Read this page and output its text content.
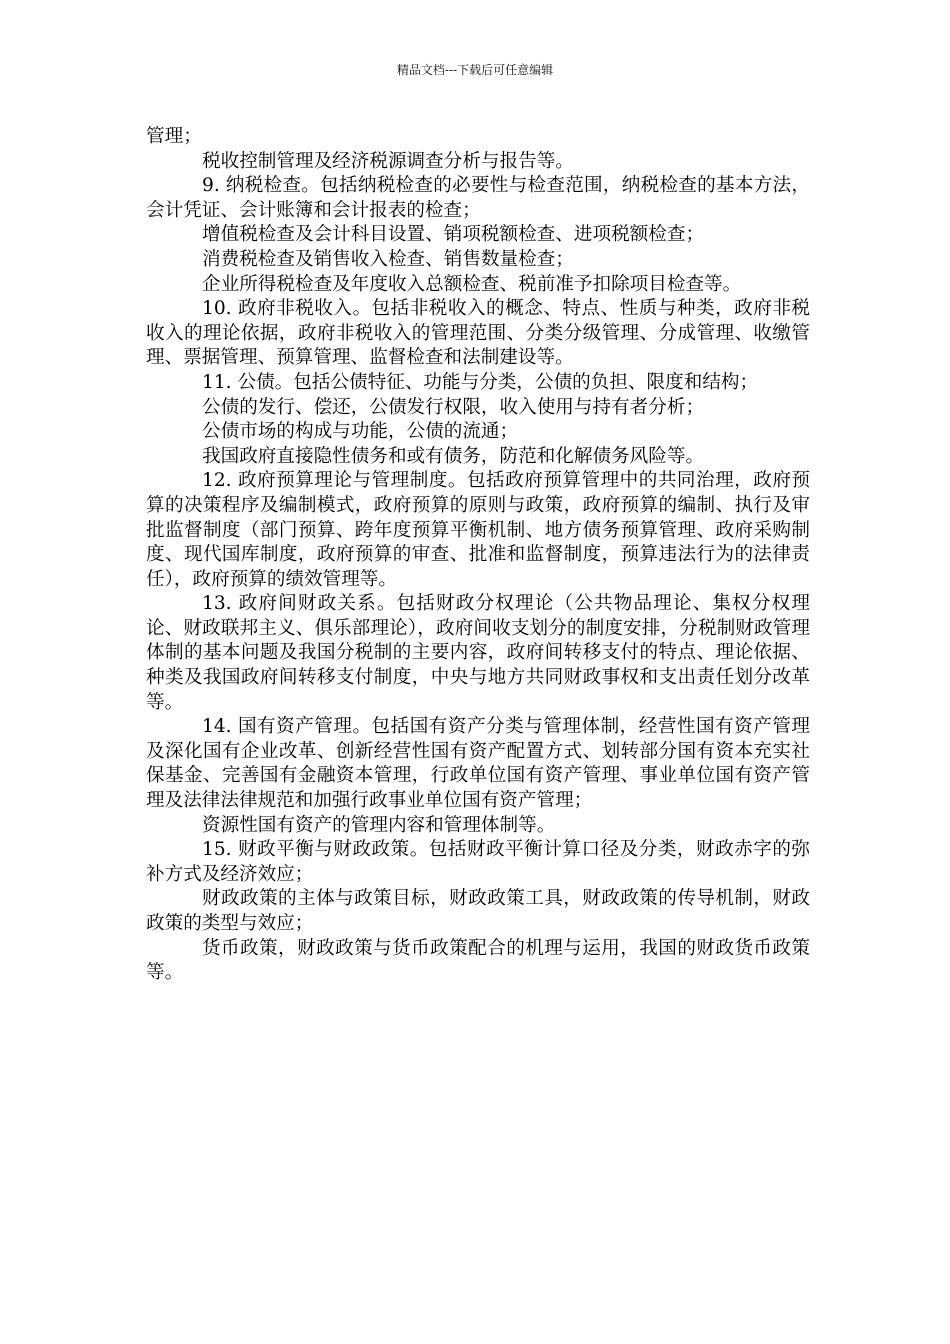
精品文档---下载后可任意编辑

管理；

税收控制管理及经济税源调查分析与报告等。

9. 纳税检查。包括纳税检查的必要性与检查范围，纳税检查的基本方法，会计凭证、会计账簿和会计报表的检查；

增值税检查及会计科目设置、销项税额检查、进项税额检查；

消费税检查及销售收入检查、销售数量检查；

企业所得税检查及年度收入总额检查、税前准予扣除项目检查等。

10. 政府非税收入。包括非税收入的概念、特点、性质与种类，政府非税收入的理论依据，政府非税收入的管理范围、分类分级管理、分成管理、收缴管理、票据管理、预算管理、监督检查和法制建设等。

11. 公债。包括公债特征、功能与分类，公债的负担、限度和结构；

公债的发行、偿还，公债发行权限，收入使用与持有者分析；

公债市场的构成与功能，公债的流通；

我国政府直接隐性债务和或有债务，防范和化解债务风险等。

12. 政府预算理论与管理制度。包括政府预算管理中的共同治理，政府预算的决策程序及编制模式，政府预算的原则与政策，政府预算的编制、执行及审批监督制度（部门预算、跨年度预算平衡机制、地方债务预算管理、政府采购制度、现代国库制度，政府预算的审查、批准和监督制度，预算违法行为的法律责任），政府预算的绩效管理等。

13. 政府间财政关系。包括财政分权理论（公共物品理论、集权分权理论、财政联邦主义、俱乐部理论），政府间收支划分的制度安排，分税制财政管理体制的基本问题及我国分税制的主要内容，政府间转移支付的特点、理论依据、种类及我国政府间转移支付制度，中央与地方共同财政事权和支出责任划分改革等。

14. 国有资产管理。包括国有资产分类与管理体制，经营性国有资产管理及深化国有企业改革、创新经营性国有资产配置方式、划转部分国有资本充实社保基金、完善国有金融资本管理，行政单位国有资产管理、事业单位国有资产管理及法律法律规范和加强行政事业单位国有资产管理；

资源性国有资产的管理内容和管理体制等。

15. 财政平衡与财政政策。包括财政平衡计算口径及分类，财政赤字的弥补方式及经济效应；

财政政策的主体与政策目标，财政政策工具，财政政策的传导机制，财政政策的类型与效应；

货币政策，财政政策与货币政策配合的机理与运用，我国的财政货币政策等。
